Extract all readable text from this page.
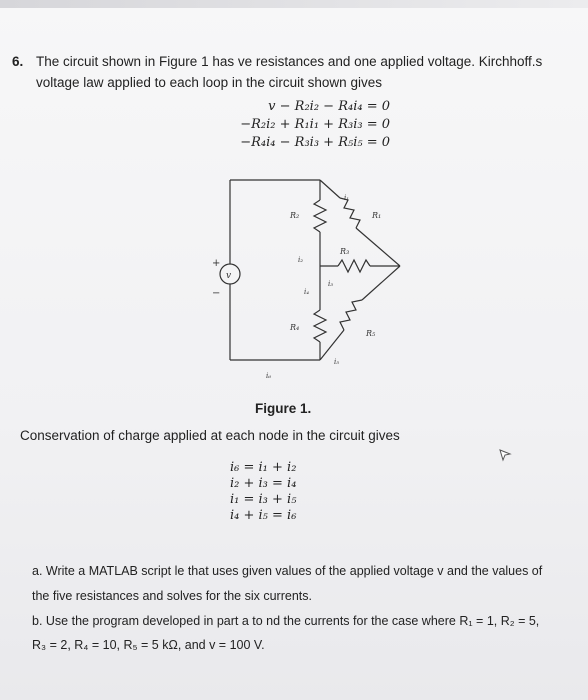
6. The circuit shown in Figure 1 has ve resistances and one applied voltage. Kirchhoff.s
voltage law applied to each loop in the circuit shown gives
v − R₂i₂ − R₄i₄ = 0
−R₂i₂ + R₁i₁ + R₃i₃ = 0
−R₄i₄ − R₃i₃ + R₅i₅ = 0
v
+
−
R₂
R₄
R₁
R₃
R₅
i₁
i₂
i₃
i₄
i₅
i₆
Figure 1.
Conservation of charge applied at each node in the circuit gives
i₆ = i₁ + i₂
i₂ + i₃ = i₄
i₁ = i₃ + i₅
i₄ + i₅ = i₆
a. Write a MATLAB script le that uses given values of the applied voltage v and the values of
the five resistances and solves for the six currents.
b. Use the program developed in part a to nd the currents for the case where R₁ = 1, R₂ = 5,
R₃ = 2, R₄ = 10, R₅ = 5 kΩ, and v = 100 V.
